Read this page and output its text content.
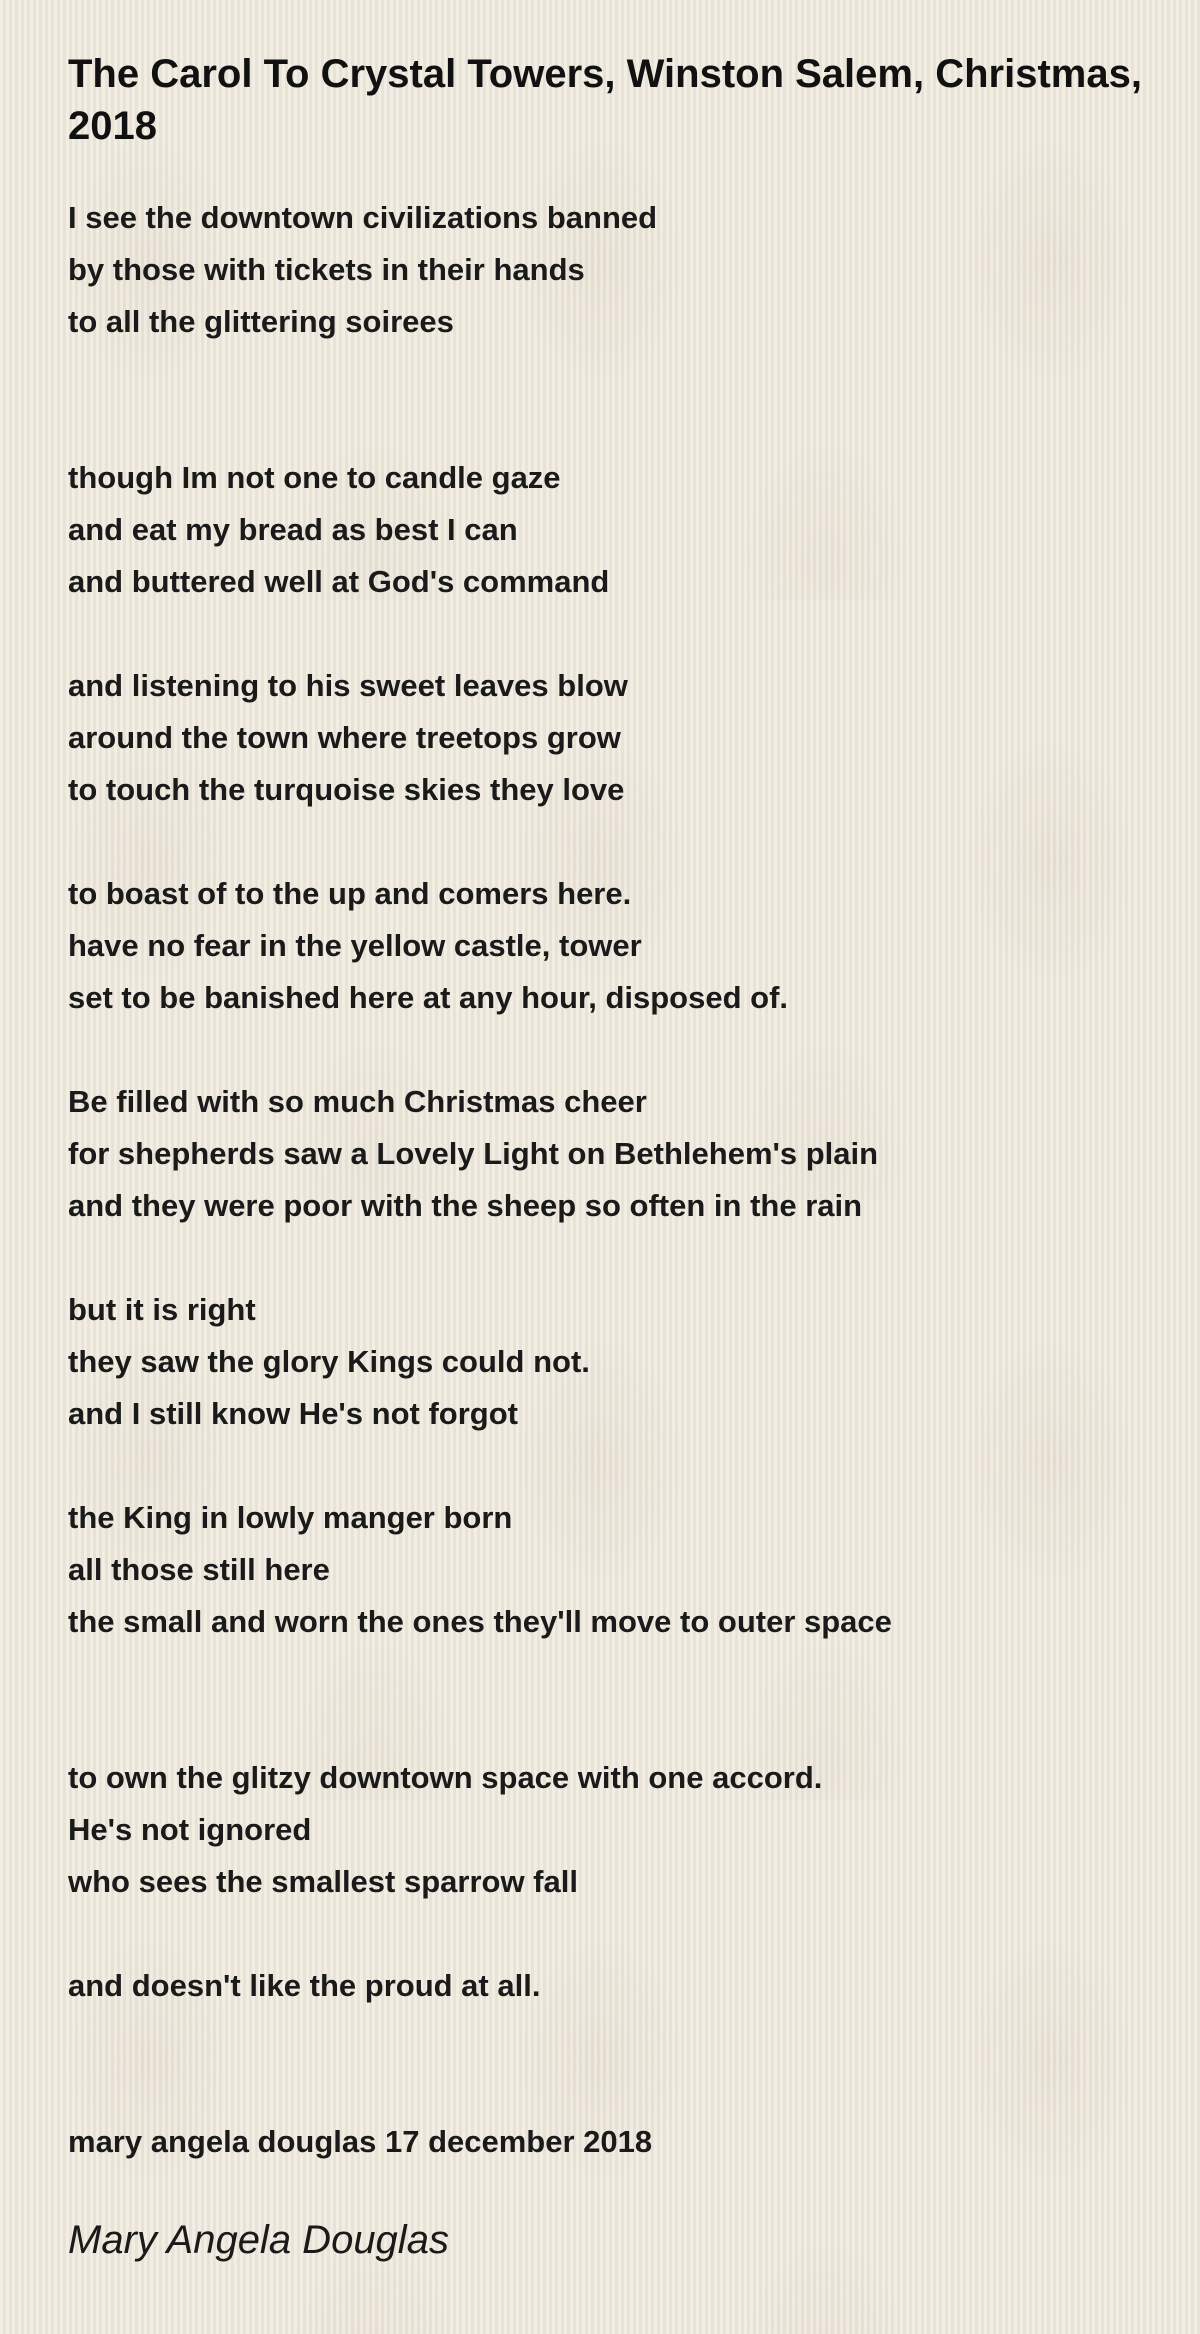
The Carol To Crystal Towers, Winston Salem, Christmas, 2018
I see the downtown civilizations banned
by those with tickets in their hands
to all the glittering soirees
though Im not one to candle gaze
and eat my bread as best I can
and buttered well at God's command
and listening to his sweet leaves blow
around the town where treetops grow
to touch the turquoise skies they love
to boast of to the up and comers here.
have no fear in the yellow castle, tower
set to be banished here at any hour, disposed of.
Be filled with so much Christmas cheer
for shepherds saw a Lovely Light on Bethlehem's plain
and they were poor with the sheep so often in the rain
but it is right
they saw the glory Kings could not.
and I still know He's not forgot
the King in lowly manger born
all those still here
the small and worn the ones they'll move to outer space
to own the glitzy downtown space with one accord.
He's not ignored
who sees the smallest sparrow fall
and doesn't like the proud at all.
mary angela douglas 17 december 2018
Mary Angela Douglas
